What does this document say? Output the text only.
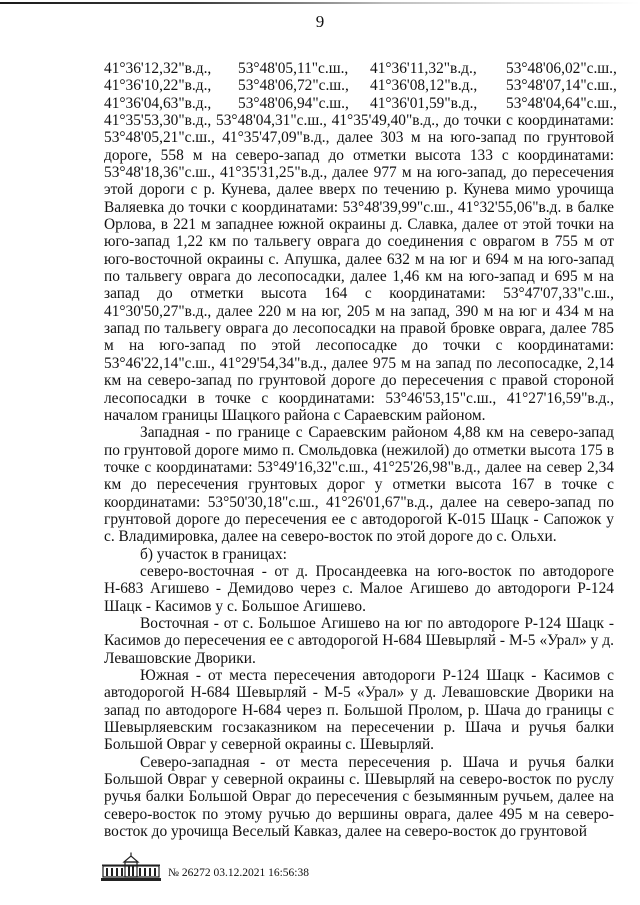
9
41°36'12,32"в.д.,	53°48'05,11"с.ш.,	41°36'11,32"в.д.,	53°48'06,02"с.ш.,
41°36'10,22"в.д.,	53°48'06,72"с.ш.,	41°36'08,12"в.д.,	53°48'07,14"с.ш.,
41°36'04,63"в.д.,	53°48'06,94"с.ш.,	41°36'01,59"в.д.,	53°48'04,64"с.ш.,

41°35'53,30"в.д., 53°48'04,31"с.ш., 41°35'49,40"в.д., до точки с координатами: 53°48'05,21"с.ш., 41°35'47,09"в.д., далее 303 м на юго-запад по грунтовой дороге, 558 м на северо-запад до отметки высота 133 с координатами: 53°48'18,36"с.ш., 41°35'31,25"в.д., далее 977 м на юго-запад, до пересечения этой дороги с р. Кунева, далее вверх по течению р. Кунева мимо урочища Валяевка до точки с координатами: 53°48'39,99"с.ш., 41°32'55,06"в.д. в балке Орлова, в 221 м западнее южной окраины д. Славка, далее от этой точки на юго-запад 1,22 км по тальвегу оврага до соединения с оврагом в 755 м от юго-восточной окраины с. Апушка, далее 632 м на юг и 694 м на юго-запад по тальвегу оврага до лесопосадки, далее 1,46 км на юго-запад и 695 м на запад до отметки высота 164 с координатами: 53°47'07,33"с.ш., 41°30'50,27"в.д., далее 220 м на юг, 205 м на запад, 390 м на юг и 434 м на запад по тальвегу оврага до лесопосадки на правой бровке оврага, далее 785 м на юго-запад по этой лесопосадке до точки с координатами: 53°46'22,14"с.ш., 41°29'54,34"в.д., далее 975 м на запад по лесопосадке, 2,14 км на северо-запад по грунтовой дороге до пересечения с правой стороной лесопосадки в точке с координатами: 53°46'53,15"с.ш., 41°27'16,59"в.д., началом границы Шацкого района с Сараевским районом.

Западная - по границе с Сараевским районом 4,88 км на северо-запад по грунтовой дороге мимо п. Смольдовка (нежилой) до отметки высота 175 в точке с координатами: 53°49'16,32"с.ш., 41°25'26,98"в.д., далее на север 2,34 км до пересечения грунтовых дорог у отметки высота 167 в точке с координатами: 53°50'30,18"с.ш., 41°26'01,67"в.д., далее на северо-запад по грунтовой дороге до пересечения ее с автодорогой К-015 Шацк - Сапожок у с. Владимировка, далее на северо-восток по этой дороге до с. Ольхи.

б) участок в границах:

северо-восточная - от д. Просандеевка на юго-восток по автодороге Н-683 Агишево - Демидово через с. Малое Агишево до автодороги Р-124 Шацк - Касимов у с. Большое Агишево.

Восточная - от с. Большое Агишево на юг по автодороге Р-124 Шацк - Касимов до пересечения ее с автодорогой Н-684 Шевырляй - М-5 «Урал» у д. Левашовские Дворики.

Южная - от места пересечения автодороги Р-124 Шацк - Касимов с автодорогой Н-684 Шевырляй - М-5 «Урал» у д. Левашовские Дворики на запад по автодороге Н-684 через п. Большой Пролом, р. Шача до границы с Шевырляевским госзаказником на пересечении р. Шача и ручья балки Большой Овраг у северной окраины с. Шевырляй.

Северо-западная - от места пересечения р. Шача и ручья балки Большой Овраг у северной окраины с. Шевырляй на северо-восток по руслу ручья балки Большой Овраг до пересечения с безымянным ручьем, далее на северо-восток по этому ручью до вершины оврага, далее 495 м на северо-восток до урочища Веселый Кавказ, далее на северо-восток до грунтовой

№ 26272 03.12.2021 16:56:38
